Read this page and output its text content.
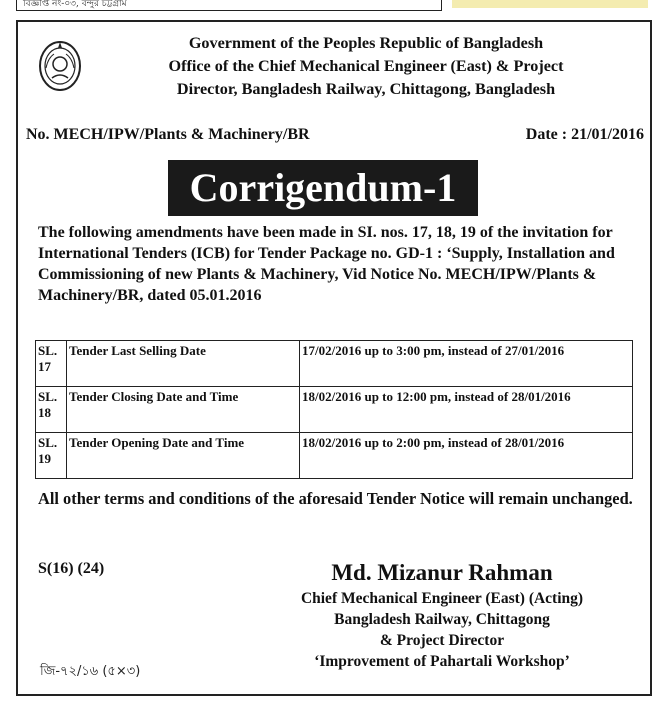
বিজ্ঞপ্তি নং-০৩, বন্দুর চট্টগ্রাম
Government of the Peoples Republic of Bangladesh
Office of the Chief Mechanical Engineer (East) & Project
Director, Bangladesh Railway, Chittagong, Bangladesh
No. MECH/IPW/Plants & Machinery/BR	Date : 21/01/2016
Corrigendum-1
The following amendments have been made in SI. nos. 17, 18, 19 of the invitation for International Tenders (ICB) for Tender Package no. GD-1 : ‘Supply, Installation and Commissioning of new Plants & Machinery, Vid Notice No. MECH/IPW/Plants & Machinery/BR, dated 05.01.2016
SL.
17	Tender Last Selling Date	17/02/2016 up to 3:00 pm, instead of 27/01/2016

SL.
18	Tender Closing Date and Time	18/02/2016 up to 12:00 pm, instead of 28/01/2016

SL.
19	Tender Opening Date and Time	18/02/2016 up to 2:00 pm, instead of 28/01/2016
All other terms and conditions of the aforesaid Tender Notice will remain unchanged.
S(16) (24)	Md. Mizanur Rahman
Chief Mechanical Engineer (East) (Acting)
Bangladesh Railway, Chittagong
& Project Director
‘Improvement of Pahartali Workshop’
জি-৭২/১৬ (৫×৩)
